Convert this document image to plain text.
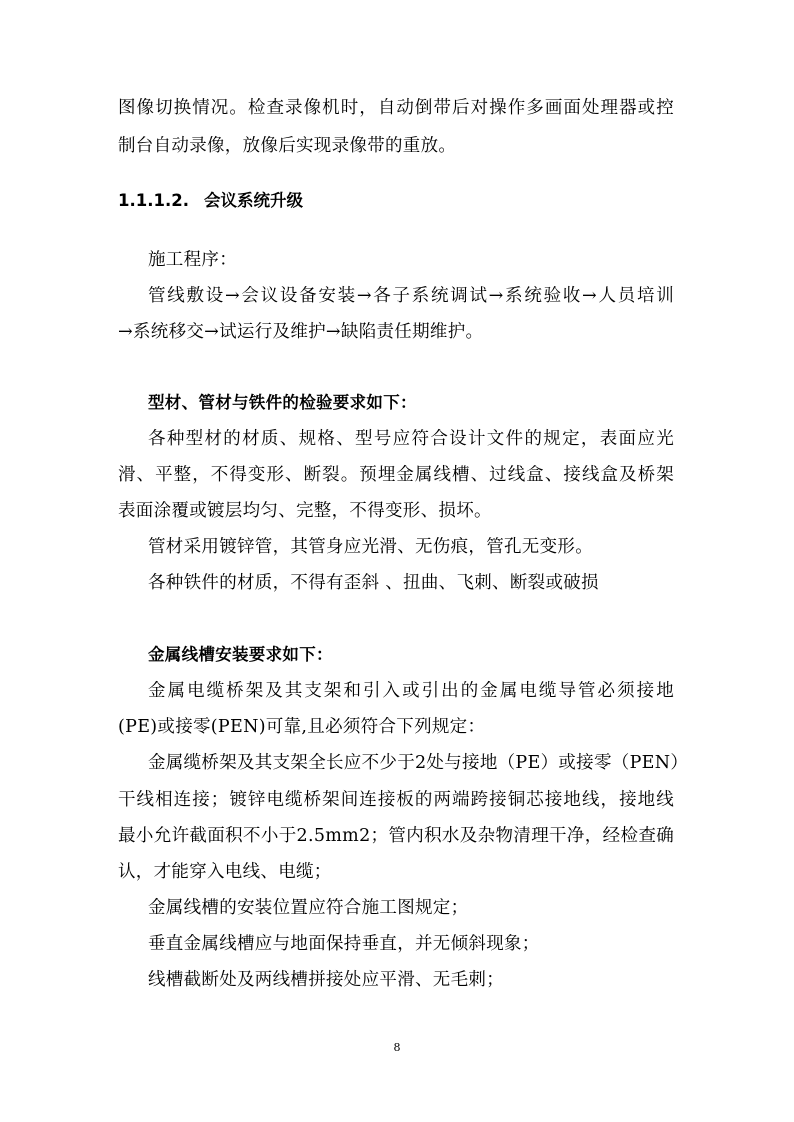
图像切换情况。检查录像机时，自动倒带后对操作多画面处理器或控
制台自动录像，放像后实现录像带的重放。
1.1.1.2. 会议系统升级
施工程序：
管线敷设→会议设备安装→各子系统调试→系统验收→人员培训
→系统移交→试运行及维护→缺陷责任期维护。
型材、管材与铁件的检验要求如下：
各种型材的材质、规格、型号应符合设计文件的规定，表面应光
滑、平整，不得变形、断裂。预埋金属线槽、过线盒、接线盒及桥架
表面涂覆或镀层均匀、完整，不得变形、损坏。
管材采用镀锌管，其管身应光滑、无伤痕，管孔无变形。
各种铁件的材质，不得有歪斜 、扭曲、飞刺、断裂或破损
金属线槽安装要求如下：
金属电缆桥架及其支架和引入或引出的金属电缆导管必须接地
(PE)或接零(PEN)可靠,且必须符合下列规定：
金属缆桥架及其支架全长应不少于2处与接地（PE）或接零（PEN）
干线相连接；镀锌电缆桥架间连接板的两端跨接铜芯接地线，接地线
最小允许截面积不小于2.5mm2；管内积水及杂物清理干净，经检查确
认，才能穿入电线、电缆；
金属线槽的安装位置应符合施工图规定；
垂直金属线槽应与地面保持垂直，并无倾斜现象；
线槽截断处及两线槽拼接处应平滑、无毛刺；
8
